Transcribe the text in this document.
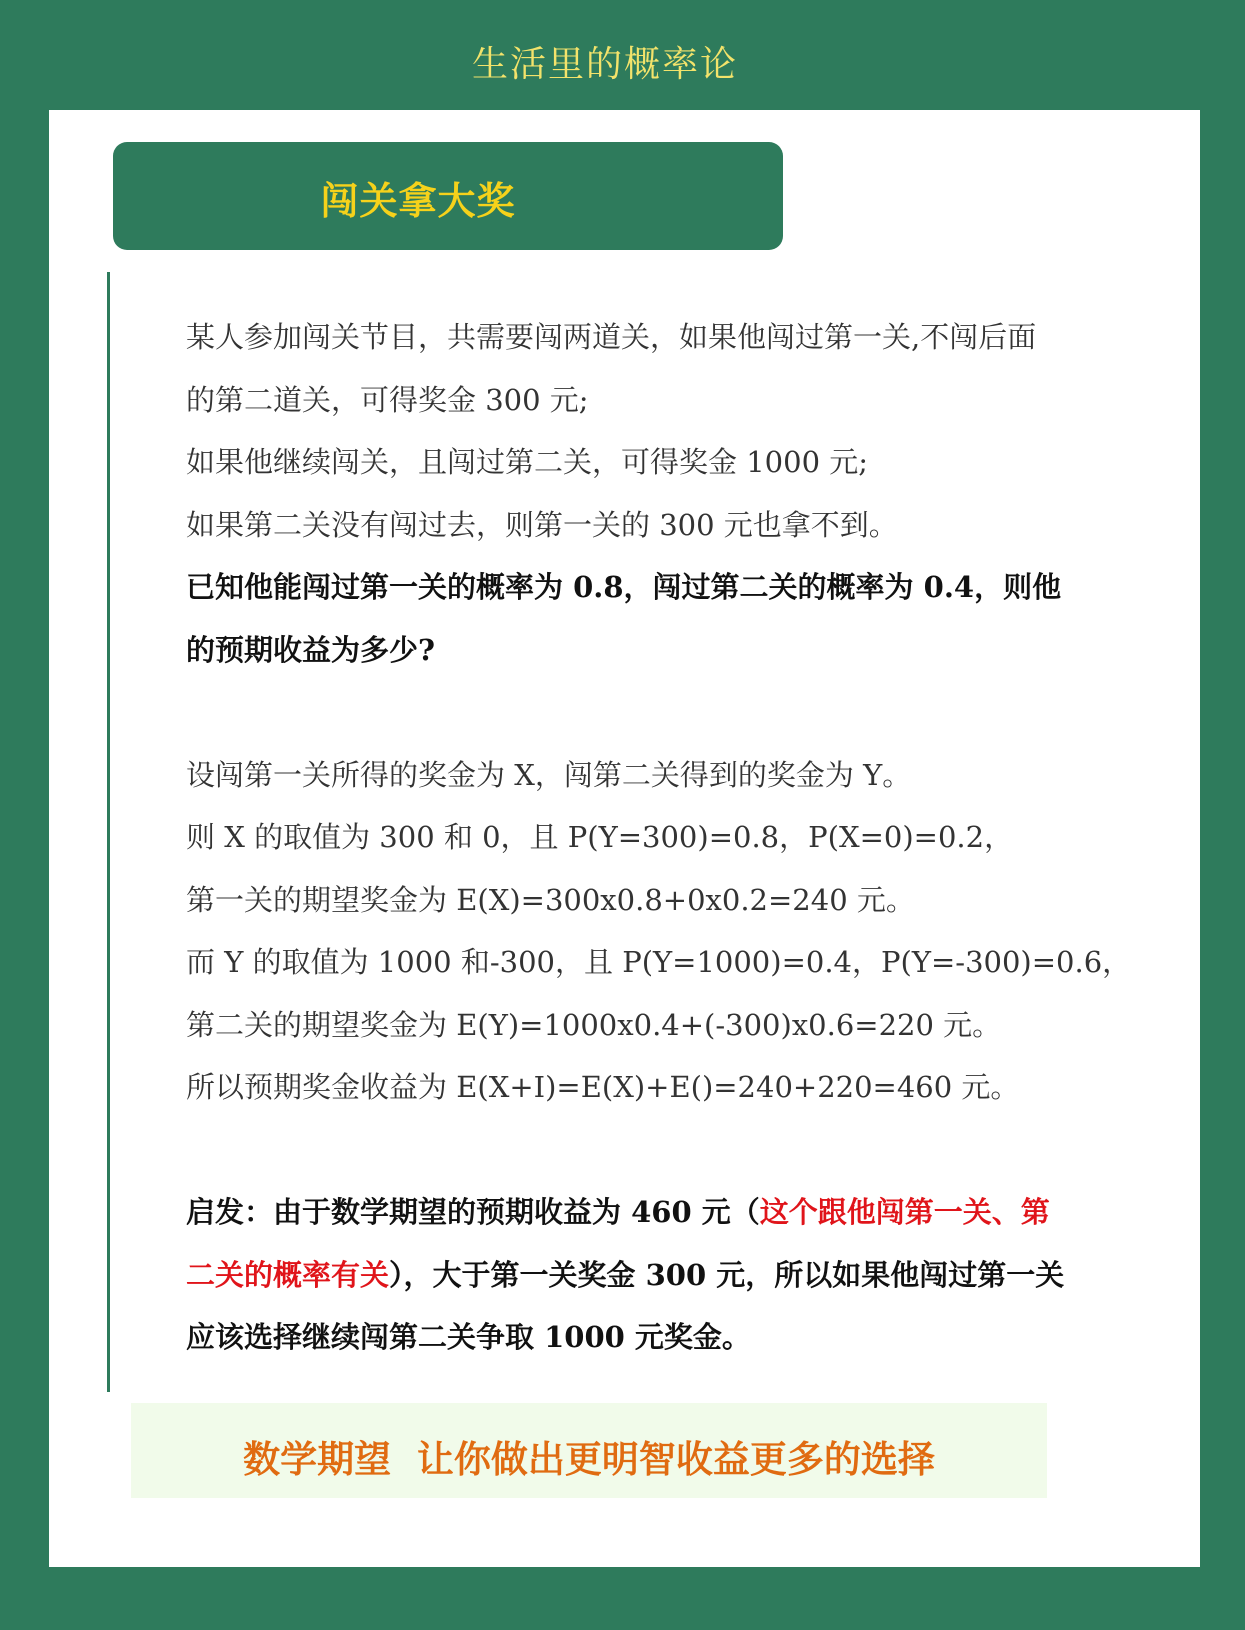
生活里的概率论
闯关拿大奖

某人参加闯关节目，共需要闯两道关，如果他闯过第一关,不闯后面

的第二道关，可得奖金 300 元;

如果他继续闯关，且闯过第二关，可得奖金 1000 元;

如果第二关没有闯过去，则第一关的 300 元也拿不到。

已知他能闯过第一关的概率为 0.8，闯过第二关的概率为 0.4，则他

的预期收益为多少?

设闯第一关所得的奖金为 X，闯第二关得到的奖金为 Y。

则 X 的取值为 300 和 0，且 P(Y=300)=0.8，P(X=0)=0.2，

第一关的期望奖金为 E(X)=300x0.8+0x0.2=240 元。

而 Y 的取值为 1000 和-300，且 P(Y=1000)=0.4，P(Y=-300)=0.6，

第二关的期望奖金为 E(Y)=1000x0.4+(-300)x0.6=220 元。

所以预期奖金收益为 E(X+I)=E(X)+E()=240+220=460 元。

启发：由于数学期望的预期收益为 460 元（这个跟他闯第一关、第
二关的概率有关），大于第一关奖金 300 元，所以如果他闯过第一关
应该选择继续闯第二关争取 1000 元奖金。

数学期望  让你做出更明智收益更多的选择
